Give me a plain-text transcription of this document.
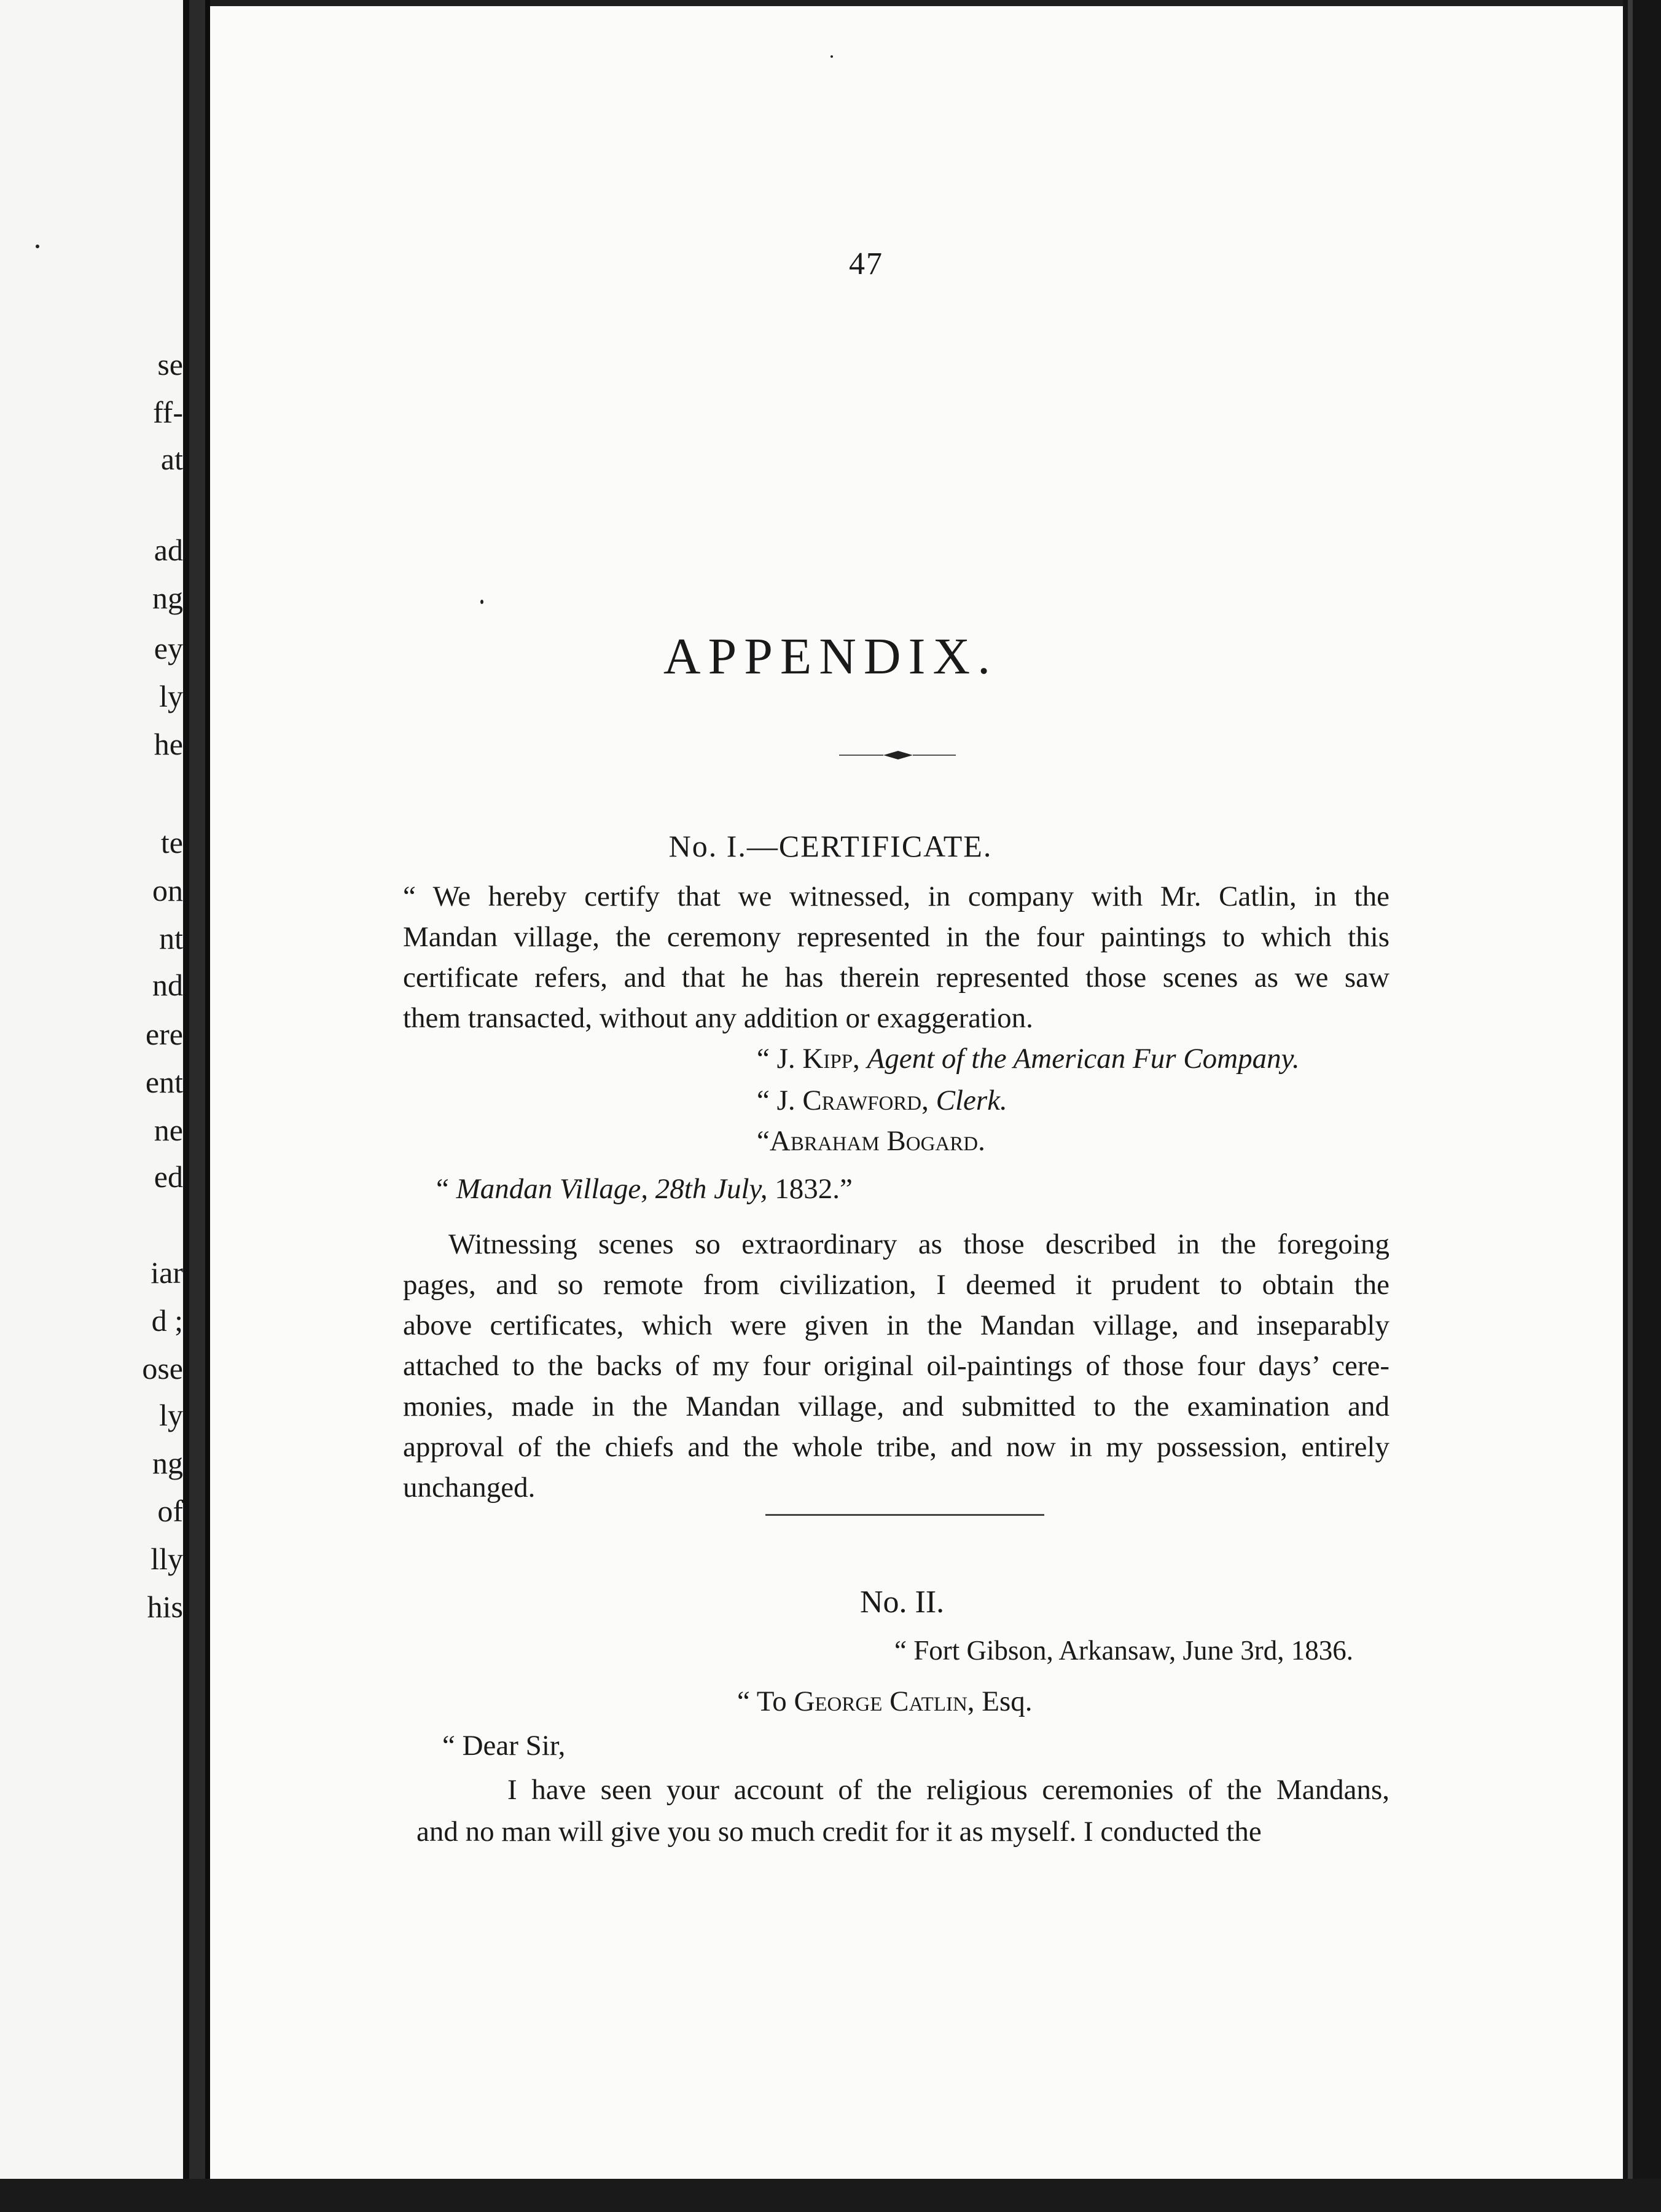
se
ff-
at
ad
ng
ey
ly
he
te
on
nt
nd
ere
ent
ne
ed
iar
d ;
ose
ly
ng
of
lly
his
47
APPENDIX.
No. I.—CERTIFICATE.
“ We hereby certify that we witnessed, in company with Mr. Catlin, in the
Mandan village, the ceremony represented in the four paintings to which this
certificate refers, and that he has therein represented those scenes as we saw
them transacted, without any addition or exaggeration.
“ J. Kipp, Agent of the American Fur Company.
“ J. Crawford, Clerk.
“Abraham Bogard.
“ Mandan Village, 28th July, 1832.”
Witnessing scenes so extraordinary as those described in the foregoing
pages, and so remote from civilization, I deemed it prudent to obtain the
above certificates, which were given in the Mandan village, and inseparably
attached to the backs of my four original oil-paintings of those four days’ cere-
monies, made in the Mandan village, and submitted to the examination and
approval of the chiefs and the whole tribe, and now in my possession, entirely
unchanged.
No. II.
“ Fort Gibson, Arkansaw, June 3rd, 1836.
“ To George Catlin, Esq.
“ Dear Sir,
I have seen your account of the religious ceremonies of the Mandans,
and no man will give you so much credit for it as myself. I conducted the
